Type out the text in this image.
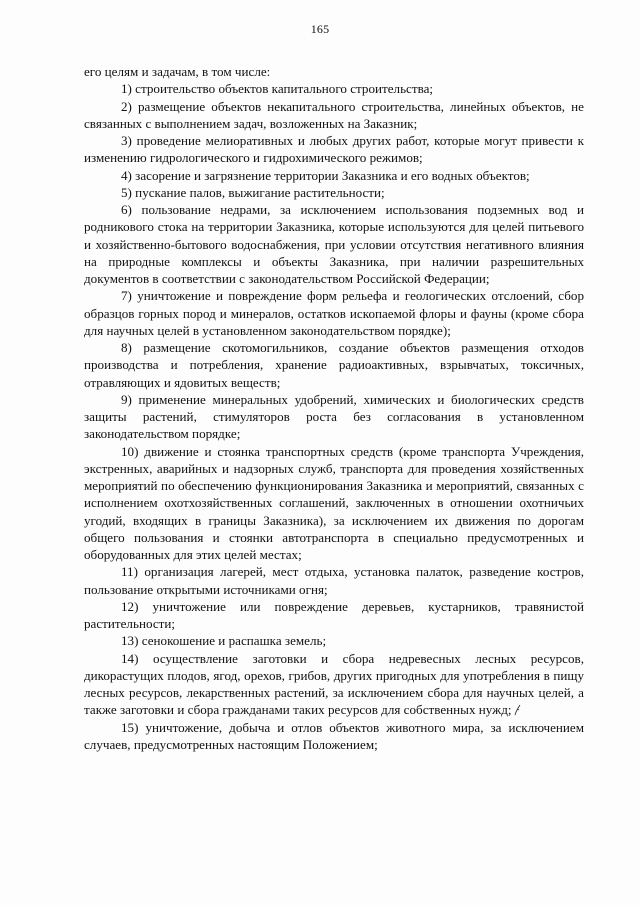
165

его целям и задачам, в том числе:

1) строительство объектов капитального строительства;

2) размещение объектов некапитального строительства, линейных объектов, не связанных с выполнением задач, возложенных на Заказник;

3) проведение мелиоративных и любых других работ, которые могут привести к изменению гидрологического и гидрохимического режимов;

4) засорение и загрязнение территории Заказника и его водных объектов;

5) пускание палов, выжигание растительности;

6) пользование недрами, за исключением использования подземных вод и родникового стока на территории Заказника, которые используются для целей питьевого и хозяйственно-бытового водоснабжения, при условии отсутствия негативного влияния на природные комплексы и объекты Заказника, при наличии разрешительных документов в соответствии с законодательством Российской Федерации;

7) уничтожение и повреждение форм рельефа и геологических отслоений, сбор образцов горных пород и минералов, остатков ископаемой флоры и фауны (кроме сбора для научных целей в установленном законодательством порядке);

8) размещение скотомогильников, создание объектов размещения отходов производства и потребления, хранение радиоактивных, взрывчатых, токсичных, отравляющих и ядовитых веществ;

9) применение минеральных удобрений, химических и биологических средств защиты растений, стимуляторов роста без согласования в установленном законодательством порядке;

10) движение и стоянка транспортных средств (кроме транспорта Учреждения, экстренных, аварийных и надзорных служб, транспорта для проведения хозяйственных мероприятий по обеспечению функционирования Заказника и мероприятий, связанных с исполнением охотхозяйственных соглашений, заключенных в отношении охотничьих угодий, входящих в границы Заказника), за исключением их движения по дорогам общего пользования и стоянки автотранспорта в специально предусмотренных и оборудованных для этих целей местах;

11) организация лагерей, мест отдыха, установка палаток, разведение костров, пользование открытыми источниками огня;

12) уничтожение или повреждение деревьев, кустарников, травянистой растительности;

13) сенокошение и распашка земель;

14) осуществление заготовки и сбора недревесных лесных ресурсов, дикорастущих плодов, ягод, орехов, грибов, других пригодных для употребления в пищу лесных ресурсов, лекарственных растений, за исключением сбора для научных целей, а также заготовки и сбора гражданами таких ресурсов для собственных нужд;

15) уничтожение, добыча и отлов объектов животного мира, за исключением случаев, предусмотренных настоящим Положением;
